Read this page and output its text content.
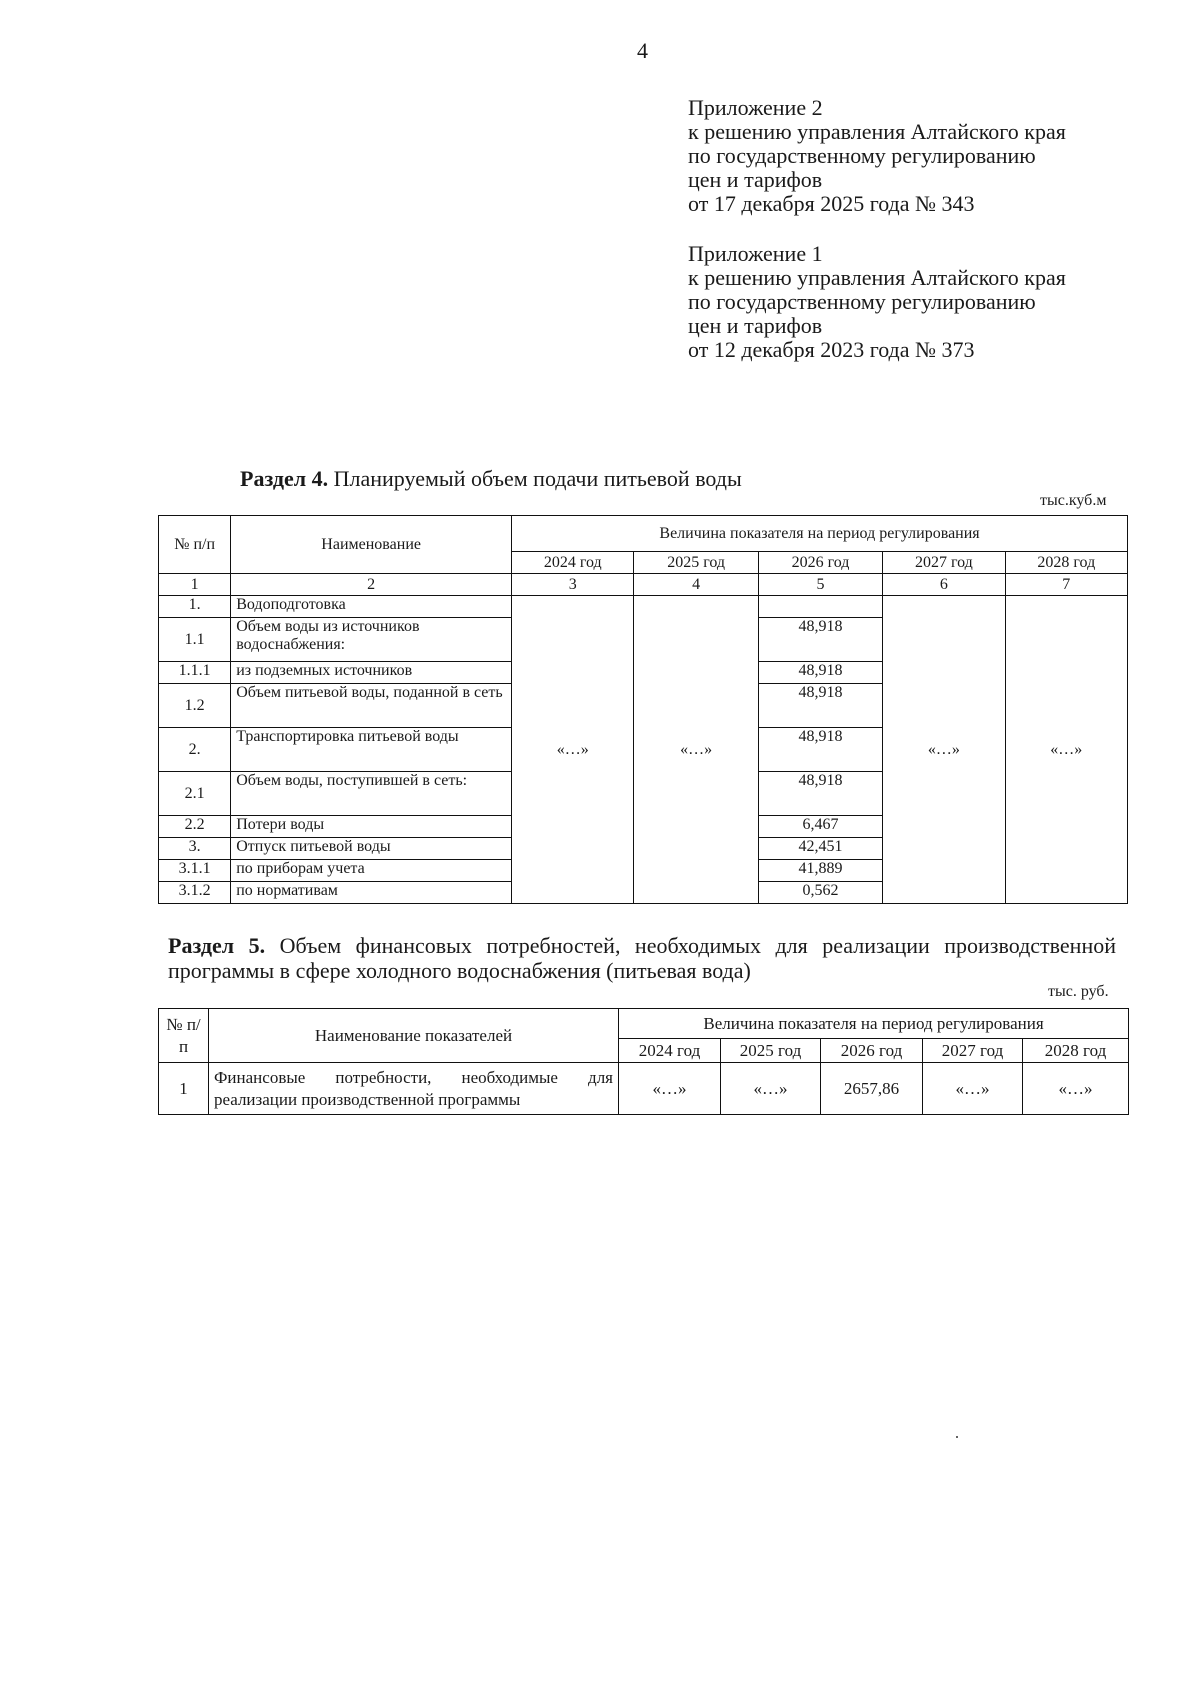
4
Приложение 2
к решению управления Алтайского края
по государственному регулированию
цен и тарифов
от 17 декабря 2025 года № 343
Приложение 1
к решению управления Алтайского края
по государственному регулированию
цен и тарифов
от 12 декабря 2023 года № 373
Раздел 4. Планируемый объем подачи питьевой воды
тыс.куб.м
№ п/п	Наименование	Величина показателя на период регулирования				
		2024 год	2025 год	2026 год	2027 год	2028 год
1	2	3	4	5	6	7
1.	Водоподготовка	«…»	«…»		«…»	«…»
1.1	Объем воды из источников водоснабжения:			48,918		
1.1.1	из подземных источников			48,918		
1.2	Объем питьевой воды, поданной в сеть			48,918		
2.	Транспортировка питьевой воды			48,918		
2.1	Объем воды, поступившей в сеть:			48,918		
2.2	Потери воды			6,467		
3.	Отпуск питьевой воды			42,451		
3.1.1	по приборам учета			41,889		
3.1.2	по нормативам			0,562		
Раздел 5. Объем финансовых потребностей, необходимых для реализации производственной программы в сфере холодного водоснабжения (питьевая вода)
тыс. руб.
№ п/п	Наименование показателей	Величина показателя на период регулирования				
		2024 год	2025 год	2026 год	2027 год	2028 год
1	Финансовые потребности, необходимые для реализации производственной программы	«…»	«…»	2657,86	«…»	«…»
